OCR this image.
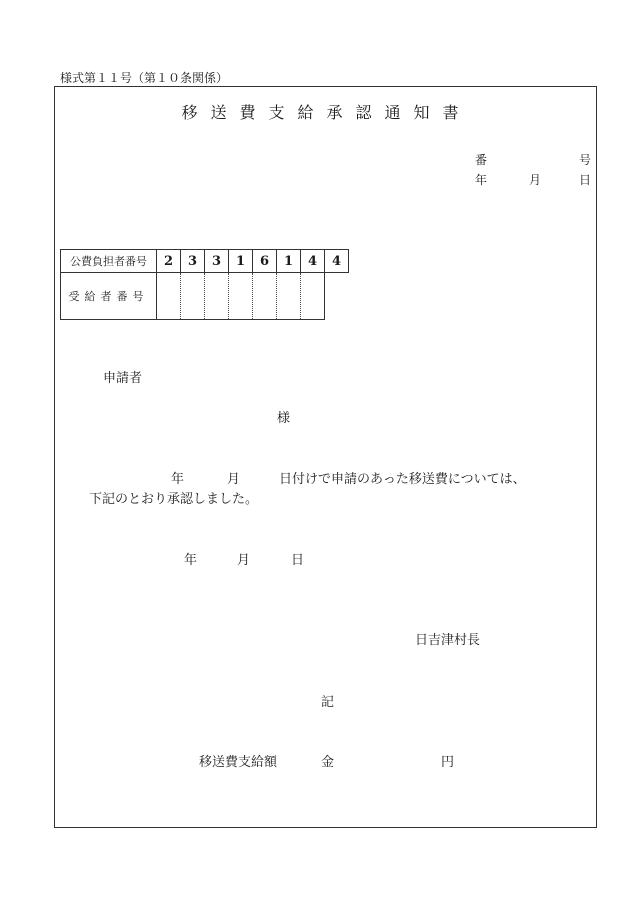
様式第１１号（第１０条関係）
移送費支給承認通知書
番	号
年	月	日
公費負担者番号	2	3	3	1	6	1	4	4
受給者番号								
申請者
様
年	月	日付けで申請のあった移送費については、
下記のとおり承認しました。
年	月	日
日吉津村長
記
移送費支給額	金	円
